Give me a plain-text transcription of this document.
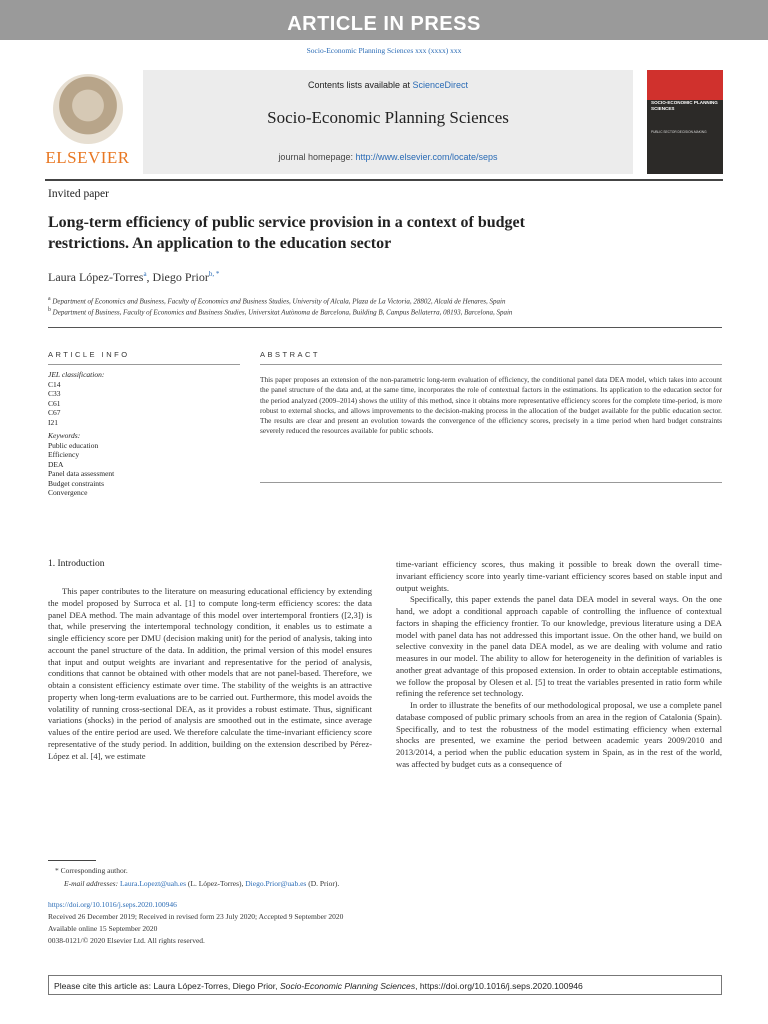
ARTICLE IN PRESS
Socio-Economic Planning Sciences xxx (xxxx) xxx
ELSEVIER
Contents lists available at ScienceDirect
Socio-Economic Planning Sciences
journal homepage: http://www.elsevier.com/locate/seps
SOCIO-ECONOMIC PLANNING SCIENCES
PUBLIC SECTOR DECISION-MAKING
Invited paper
Long-term efficiency of public service provision in a context of budget
restrictions. An application to the education sector
Laura López-Torres$^a$, Diego Prior$^{b, *}$
$^a$ Department of Economics and Business, Faculty of Economics and Business Studies, University of Alcala, Plaza de La Victoria, 28802, Alcalá de Henares, Spain
$^b$ Department of Business, Faculty of Economics and Business Studies, Universitat Autònoma de Barcelona, Building B, Campus Bellaterra, 08193, Barcelona, Spain
ARTICLE INFO
JEL classification:
C14
C33
C61
C67
I21
Keywords:
Public education
Efficiency
DEA
Panel data assessment
Budget constraints
Convergence
ABSTRACT
This paper proposes an extension of the non-parametric long-term evaluation of efficiency, the conditional panel data DEA model, which takes into account the panel structure of the data and, at the same time, incorporates the role of contextual factors in the estimations. Its application to the education sector for the period analyzed (2009–2014) shows the utility of this method, since it obtains more representative efficiency scores for the complete time-period, is more robust to external shocks, and allows improvements to the decision-making process in the allocation of the budget available for the public education sector. The results are clear and present an evolution towards the convergence of the efficiency scores, precisely in a time period when hard budget constraints severely reduced the resources available for public schools.
1. Introduction

This paper contributes to the literature on measuring educational efficiency by extending the model proposed by Surroca et al. [1] to compute long-term efficiency scores: the data panel DEA method. The main advantage of this model over intertemporal frontiers ([2,3]) is that, while preserving the intertemporal technology condition, it enables us to estimate a single efficiency score per DMU (decision making unit) for the period of analysis, taking into account the panel structure of the data. In addition, the primal version of this model ensures that input and output weights are invariant and representative for the period of analysis, conditions that cannot be obtained with other models that are not panel-based. Therefore, we obtain a consistent efficiency estimate over time. The stability of the weights is an attractive property when long-term evaluations are to be carried out. Furthermore, this model avoids the volatility of running cross-sectional DEA, as it provides a robust estimate. Thus, significant variations (shocks) in the period of analysis are smoothed out in the estimate, since average values of the entire period are used. We therefore calculate the time-invariant efficiency score representative of the study period. In addition, building on the extension described by Pérez-López et al. [4], we estimate

time-variant efficiency scores, thus making it possible to break down the overall time-invariant efficiency score into yearly time-variant efficiency scores based on stable input and output weights.

Specifically, this paper extends the panel data DEA model in several ways. On the one hand, we adopt a conditional approach capable of controlling the influence of contextual factors in shaping the efficiency frontier. To our knowledge, previous literature using a DEA model with panel data has not addressed this important issue. On the other hand, we build on selective convexity in the panel data DEA model, as we are dealing with volume and ratio measures in our model. The ability to allow for heterogeneity in the definition of variables is another great advantage of this proposed extension. In order to obtain acceptable estimations, we follow the proposal by Olesen et al. [5] to treat the variables presented in ratio form while refining the reference set technology.

In order to illustrate the benefits of our methodological proposal, we use a complete panel database composed of public primary schools from an area in the region of Catalonia (Spain). Specifically, and to test the robustness of the model estimating efficiency when external shocks are presented, we examine the period between academic years 2009/2010 and 2013/2014, a period when the public education system in Spain, as in the rest of the world, was affected by budget cuts as a consequence of

* Corresponding author.
E-mail addresses: Laura.Lopezt@uah.es (L. López-Torres), Diego.Prior@uab.es (D. Prior).
https://doi.org/10.1016/j.seps.2020.100946
Received 26 December 2019; Received in revised form 23 July 2020; Accepted 9 September 2020
Available online 15 September 2020
0038-0121/© 2020 Elsevier Ltd. All rights reserved.
Please cite this article as: Laura López-Torres, Diego Prior, Socio-Economic Planning Sciences, https://doi.org/10.1016/j.seps.2020.100946
